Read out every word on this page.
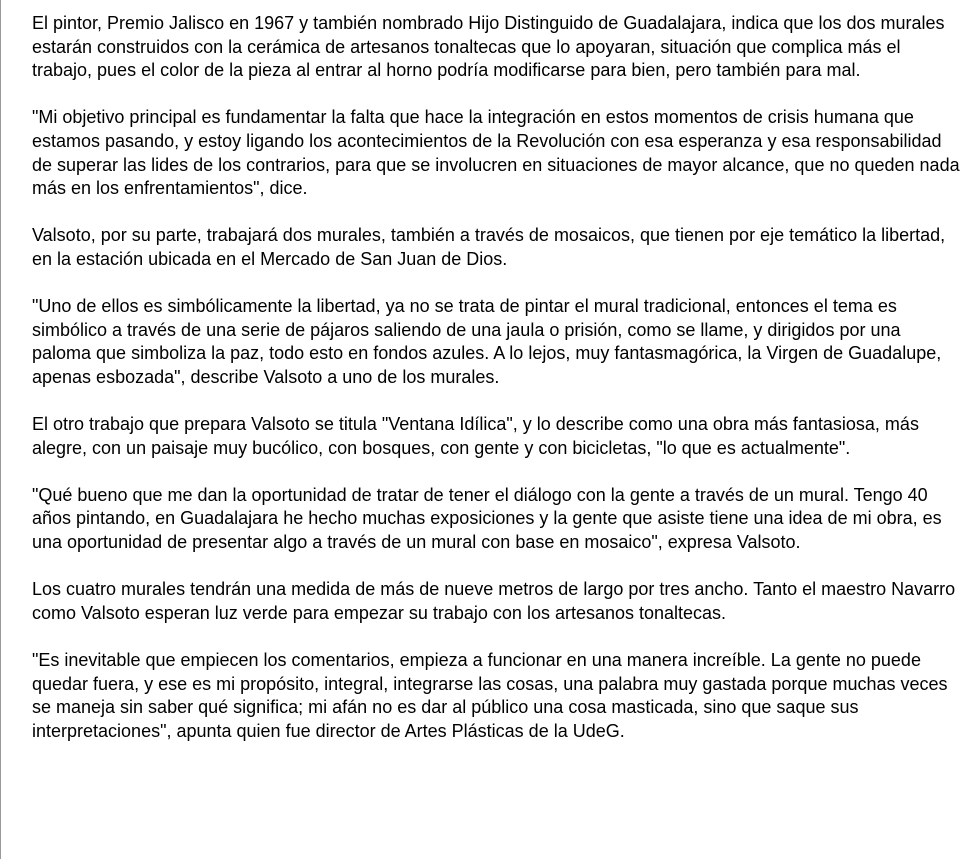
El pintor, Premio Jalisco en 1967 y también nombrado Hijo Distinguido de Guadalajara, indica que los dos murales estarán construidos con la cerámica de artesanos tonaltecas que lo apoyaran, situación que complica más el trabajo, pues el color de la pieza al entrar al horno podría modificarse para bien, pero también para mal.

"Mi objetivo principal es fundamentar la falta que hace la integración en estos momentos de crisis humana que estamos pasando, y estoy ligando los acontecimientos de la Revolución con esa esperanza y esa responsabilidad de superar las lides de los contrarios, para que se involucren en situaciones de mayor alcance, que no queden nada más en los enfrentamientos", dice.

Valsoto, por su parte, trabajará dos murales, también a través de mosaicos, que tienen por eje temático la libertad, en la estación ubicada en el Mercado de San Juan de Dios.

"Uno de ellos es simbólicamente la libertad, ya no se trata de pintar el mural tradicional, entonces el tema es simbólico a través de una serie de pájaros saliendo de una jaula o prisión, como se llame, y dirigidos por una paloma que simboliza la paz, todo esto en fondos azules. A lo lejos, muy fantasmagórica, la Virgen de Guadalupe, apenas esbozada", describe Valsoto a uno de los murales.

El otro trabajo que prepara Valsoto se titula "Ventana Idílica", y lo describe como una obra más fantasiosa, más alegre, con un paisaje muy bucólico, con bosques, con gente y con bicicletas, "lo que es actualmente".

"Qué bueno que me dan la oportunidad de tratar de tener el diálogo con la gente a través de un mural. Tengo 40 años pintando, en Guadalajara he hecho muchas exposiciones y la gente que asiste tiene una idea de mi obra, es una oportunidad de presentar algo a través de un mural con base en mosaico", expresa Valsoto.

Los cuatro murales tendrán una medida de más de nueve metros de largo por tres ancho. Tanto el maestro Navarro como Valsoto esperan luz verde para empezar su trabajo con los artesanos tonaltecas.

"Es inevitable que empiecen los comentarios, empieza a funcionar en una manera increíble. La gente no puede quedar fuera, y ese es mi propósito, integral, integrarse las cosas, una palabra muy gastada porque muchas veces se maneja sin saber qué significa; mi afán no es dar al público una cosa masticada, sino que saque sus interpretaciones", apunta quien fue director de Artes Plásticas de la UdeG.
